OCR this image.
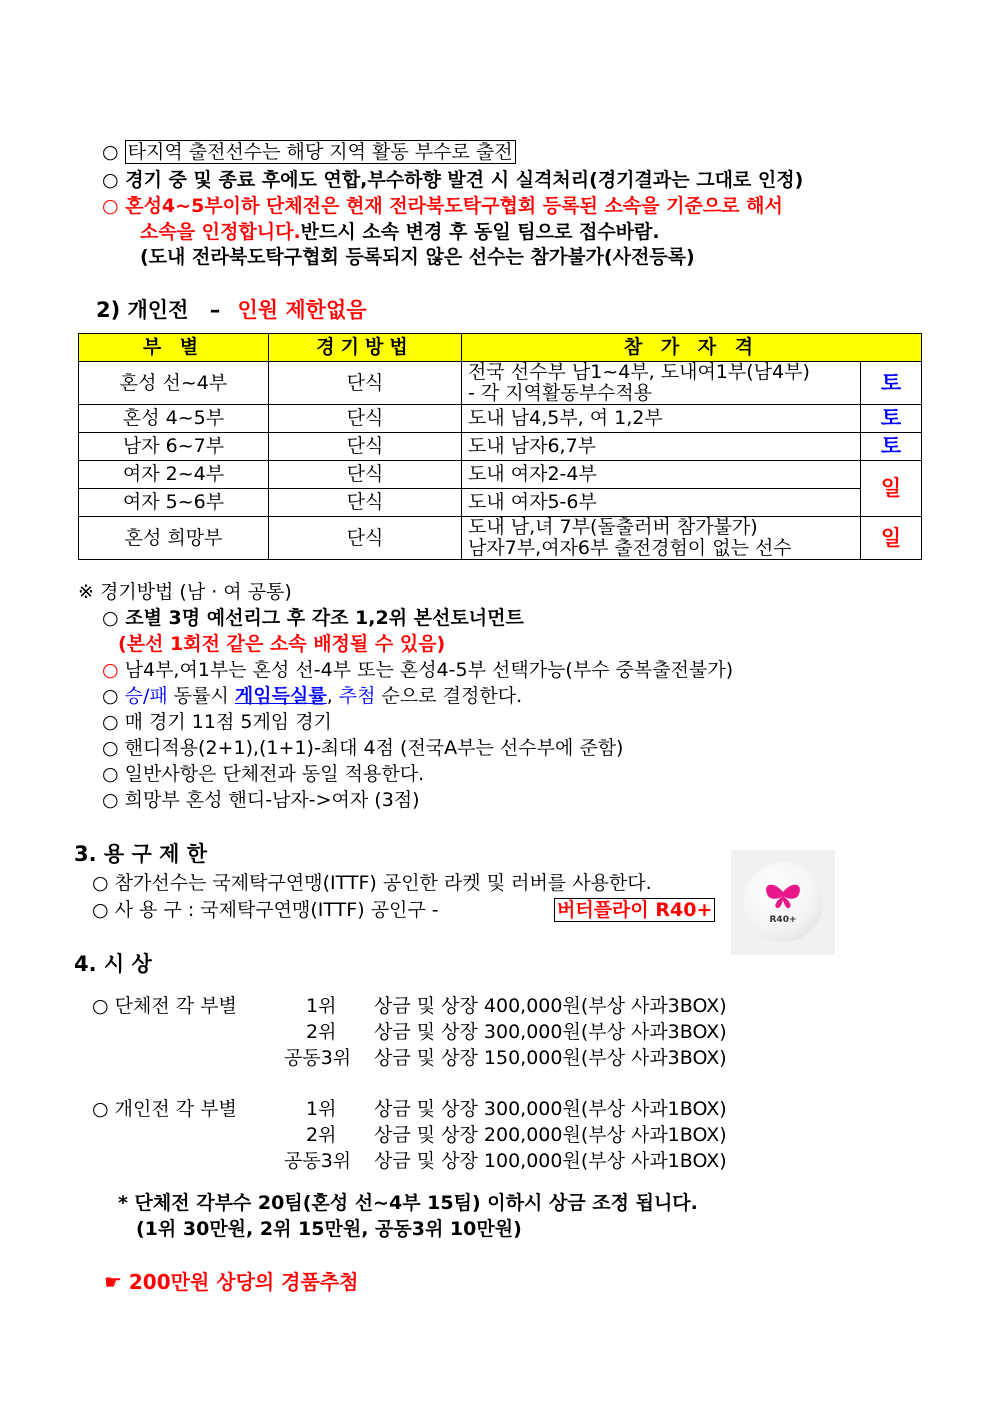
○ 타지역 출전선수는 해당 지역 활동 부수로 출전
○ 경기 중 및 종료 후에도 연합,부수하향 발견 시 실격처리(경기결과는 그대로 인정)
○ 혼성4~5부이하 단체전은 현재 전라북도탁구협회 등록된 소속을 기준으로 해서
소속을 인정합니다.반드시 소속 변경 후 동일 팀으로 접수바람.
(도내 전라북도탁구협회 등록되지 않은 선수는 참가불가(사전등록)
2) 개인전 – 인원 제한없음
부 별	경기방법	참 가 자 격	
혼성 선~4부	단식	전국 선수부 남1~4부, 도내여1부(남4부)
- 각 지역활동부수적용	토
혼성 4~5부	단식	도내 남4,5부, 여 1,2부	토
남자 6~7부	단식	도내 남자6,7부	토
여자 2~4부	단식	도내 여자2-4부	일
여자 5~6부	단식	도내 여자5-6부	
혼성 희망부	단식	도내 남,녀 7부(돌출러버 참가불가)
남자7부,여자6부 출전경험이 없는 선수	일
※ 경기방법 (남 · 여 공통)
○ 조별 3명 예선리그 후 각조 1,2위 본선토너먼트
(본선 1회전 같은 소속 배정될 수 있음)
○ 남4부,여1부는 혼성 선-4부 또는 혼성4-5부 선택가능(부수 중복출전불가)
○ 승/패 동률시 게임득실률, 추첨 순으로 결정한다.
○ 매 경기 11점 5게임 경기
○ 핸디적용(2+1),(1+1)-최대 4점 (전국A부는 선수부에 준함)
○ 일반사항은 단체전과 동일 적용한다.
○ 희망부 혼성 핸디-남자->여자 (3점)
3. 용 구 제 한
○ 참가선수는 국제탁구연맹(ITTF) 공인한 라켓 및 러버를 사용한다.
○ 사 용 구 : 국제탁구연맹(ITTF) 공인구 -	버터플라이 R40+	R40+
4. 시 상
○ 단체전 각 부별	1위 상금 및 상장 400,000원(부상 사과3BOX)
2위 상금 및 상장 300,000원(부상 사과3BOX)
공동3위 상금 및 상장 150,000원(부상 사과3BOX)
○ 개인전 각 부별	1위 상금 및 상장 300,000원(부상 사과1BOX)
2위 상금 및 상장 200,000원(부상 사과1BOX)
공동3위 상금 및 상장 100,000원(부상 사과1BOX)
* 단체전 각부수 20팀(혼성 선~4부 15팀) 이하시 상금 조정 됩니다.
(1위 30만원, 2위 15만원, 공동3위 10만원)
☛ 200만원 상당의 경품추첨
